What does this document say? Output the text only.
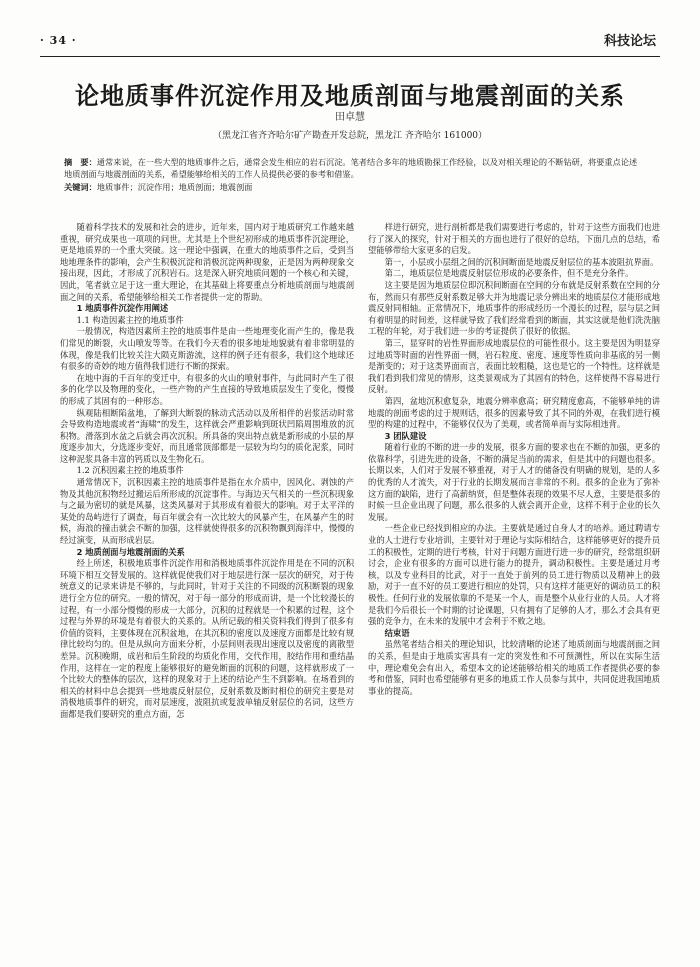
· 34 ·	科技论坛
论地质事件沉淀作用及地质剖面与地震剖面的关系
田卓慧
（黑龙江省齐齐哈尔矿产勘查开发总院，黑龙江 齐齐哈尔 161000）
摘　要：通常来说，在一些大型的地质事件之后，通常会发生相应的岩石沉淀。笔者结合多年的地质勘探工作经验，以及对相关理论的不断钻研，将要重点论述地质剖面与地震剖面的关系，希望能够给相关的工作人员提供必要的参考和借鉴。
关键词：地质事件；沉淀作用；地质剖面；地震剖面

随着科学技术的发展和社会的进步，近年来，国内对于地质研究工作越来越重视，研究成果也一项项的问世。尤其是上个世纪初形成的地质事件沉淀理论，更是地质界的一个重大突破。这一理论中强调，在重大的地质事件之后，受到当地地理条件的影响，会产生积极沉淀和消极沉淀两种现象，正是因为两种现象交接出现，因此，才形成了沉积岩石。这是深入研究地质问题的一个核心和关键，因此，笔者就立足于这一重大理论，在其基础上将要重点分析地质剖面与地震剖面之间的关系，希望能够给相关工作者提供一定的帮助。

1 地质事件沉淀作用阐述
1.1 构造因素主控的地质事件

一般情况，构造因素所主控的地质事件是由一些地理变化而产生的，像是我们常见的断裂，火山喷发等等。在我们今天看的很多地址地貌就有着非常明显的体现，像是我们比较关注大陨克斯游流，这样的例子还有很多，我们这个地球还有很多的奇妙的地方值得我们进行不断的探索。

在地中海的千百年的变迁中，有很多的火山的喷射事件，与此同时产生了很多的化学以及物理的变化，一些产物的产生直接的导致地质层发生了变化，慢慢的形成了其固有的一种形态。

纵观陆相断陷盆地，了解到大断裂的脉动式活动以及所相伴的岩浆活动时常会导致构造地震或者“海啸”的发生，这样就会严重影响到斑状凹陷周围堆放的沉积物。滑落到水盆之后就会再次沉积。所具备的突出特点就是新形成的小层的厚度逐步加大，分选逐步变好，而且通常顶部都是一层较为均匀的质化泥浆，同时这种泥浆具备丰富的钙质以及生物化石。

1.2 沉积因素主控的地质事件

通常情况下，沉积因素主控的地质事件是指在水介质中，因风化、剥蚀的产物及其他沉积物经过搬运后所形成的沉淀事件。与海边天气相关的一些沉积现象与之最为密切的就是风暴，这类风暴对于其形成有着很大的影响。对于太平洋的某处的岛屿进行了调查，每百年就会有一次比较大的风暴产生，在风暴产生的时候，海浪的撞击就会不断的加强，这样就使得很多的沉积物飘到海洋中，慢慢的经过演变，从而形成岩层。

2 地质剖面与地震剖面的关系

经上所述，积极地质事件沉淀作用和消极地质事件沉淀作用是在不同的沉积环境下相互交替发展的。这样就促使我们对于地层进行深一层次的研究，对于传统意义的记录来讲是不够的，与此同时，针对于关注的不同级的沉积断裂的现象进行全方位的研究。一般的情况，对于每一部分的形成而讲，是一个比较漫长的过程，有一小部分慢慢的形成一大部分，沉积的过程就是一个积累的过程，这个过程与外界的环境是有着很大的关系的。从所记载的相关资料我们得到了很多有价值的资料，主要体现在沉积盆地，在其沉积的密度以及速度方面都是比较有规律比较均匀的。但是从纵向方面来分析，小层间则表现出速度以及密度的离散型差异。沉积晚期，成岩和后生阶段的均质化作用，交代作用，胶结作用和重结晶作用，这样在一定的程度上能够很好的避免断面的沉积的问题，这样就形成了一个比较大的整体的层次，这样的现象对于上述的结论产生不到影响。在场看到的相关的材料中总会提到一些地震反射层位，反射系数及断时相位的研究主要是对消极地质事件的研究，而对层速度，波阻抗或复波单轴反射层位的名词，这些方面都是我们要研究的重点方面，怎

样进行研究，进行剖析都是我们需要进行考虑的，针对于这些方面我们也进行了深入的探究，针对于相关的方面也进行了很好的总结，下面几点的总结，希望能够带给大家更多的启发。

第一，小层或小层组之间的沉积间断面是地震反射层位的基本波阻抗界面。

第二，地质层位是地震反射层位形成的必要条件，但不是充分条件。

这主要是因为地质层位即沉积间断面在空间的分布就是反射系数在空间的分布，然而只有那些反射系数足够大并为地震记录分辨出来的地质层位才能形成地震反射同相轴。正常情况下，地质事件的形成经历一个漫长的过程，层与层之间有着明显的时间差，这样就导致了我们经常看到的断面，其实这就是他们洗洗脑工程的年轮，对于我们进一步的考证提供了很好的依据。

第三，显穿时的岩性界面形成地震层位的可能性很小。这主要是因为明显穿过地质等时面的岩性界面一侧，岩石粒度、密度、速度等性质向非基底的另一侧是渐变的；对于这类界面而言，表面比较粗糙，这也是它的一个特性。这样就是我们看到我们常见的情形，这类景观成为了其固有的特色，这样使得不容易进行反射。

第四，盆地沉积愈复杂，地震分辨率愈高；研究精度愈高，不能够单纯的讲地震的剖面考虑的过于规则话，很多的因素导致了其不同的外观，在我们进行模型的构建的过程中，不能够仅仅为了美观，或者简单而与实际相违背。

3 团队建设

随着行业的不断的进一步的发展，很多方面的要求也在不断的加强，更多的依靠科学，引进先进的设备，不断的满足当前的需求，但是其中的问题也很多。长期以来，人们对于发展不够重视，对于人才的储备没有明确的规划，是的人多的优秀的人才流失，对于行业的长期发展而言非常的不利。很多的企业为了弥补这方面的缺陷，进行了高薪纳贤，但是整体表现的效果不尽人意，主要是很多的时候一旦企业出现了问题，那么很多的人就会离开企业，这样不利于企业的长久发展。

一些企业已经找到相应的办法。主要就是通过自身人才的培养。通过聘请专业的人士进行专业培训，主要针对于理论与实际相结合，这样能够更好的提升员工的积极性，定期的进行考核，针对于问题方面进行进一步的研究，经常组织研讨会，企业有很多的方面可以进行能力的提升，调动积极性。主要是通过月考核，以及专业科目的比武，对于一直处于前列的员工进行物质以及精神上的鼓励，对于一直不好的员工要进行相应的处罚，只有这样才能更好的调动员工的积极性。任何行业的发展依靠的不是某一个人，而是整个从业行业的人员。人才将是我们今后很长一个时期的讨论课题，只有拥有了足够的人才，那么才会具有更强的竞争力，在未来的发展中才会利于不败之地。

结束语

虽然笔者结合相关的理论知识，比较清晰的论述了地质剖面与地震剖面之间的关系，但是由于地质实害具有一定的突发性和不可预测性，所以在实际生活中，理论难免会有出入，希望本文的论述能够给相关的地质工作者提供必要的参考和借鉴，同时也希望能够有更多的地质工作人员参与其中，共同促进我国地质事业的提高。
